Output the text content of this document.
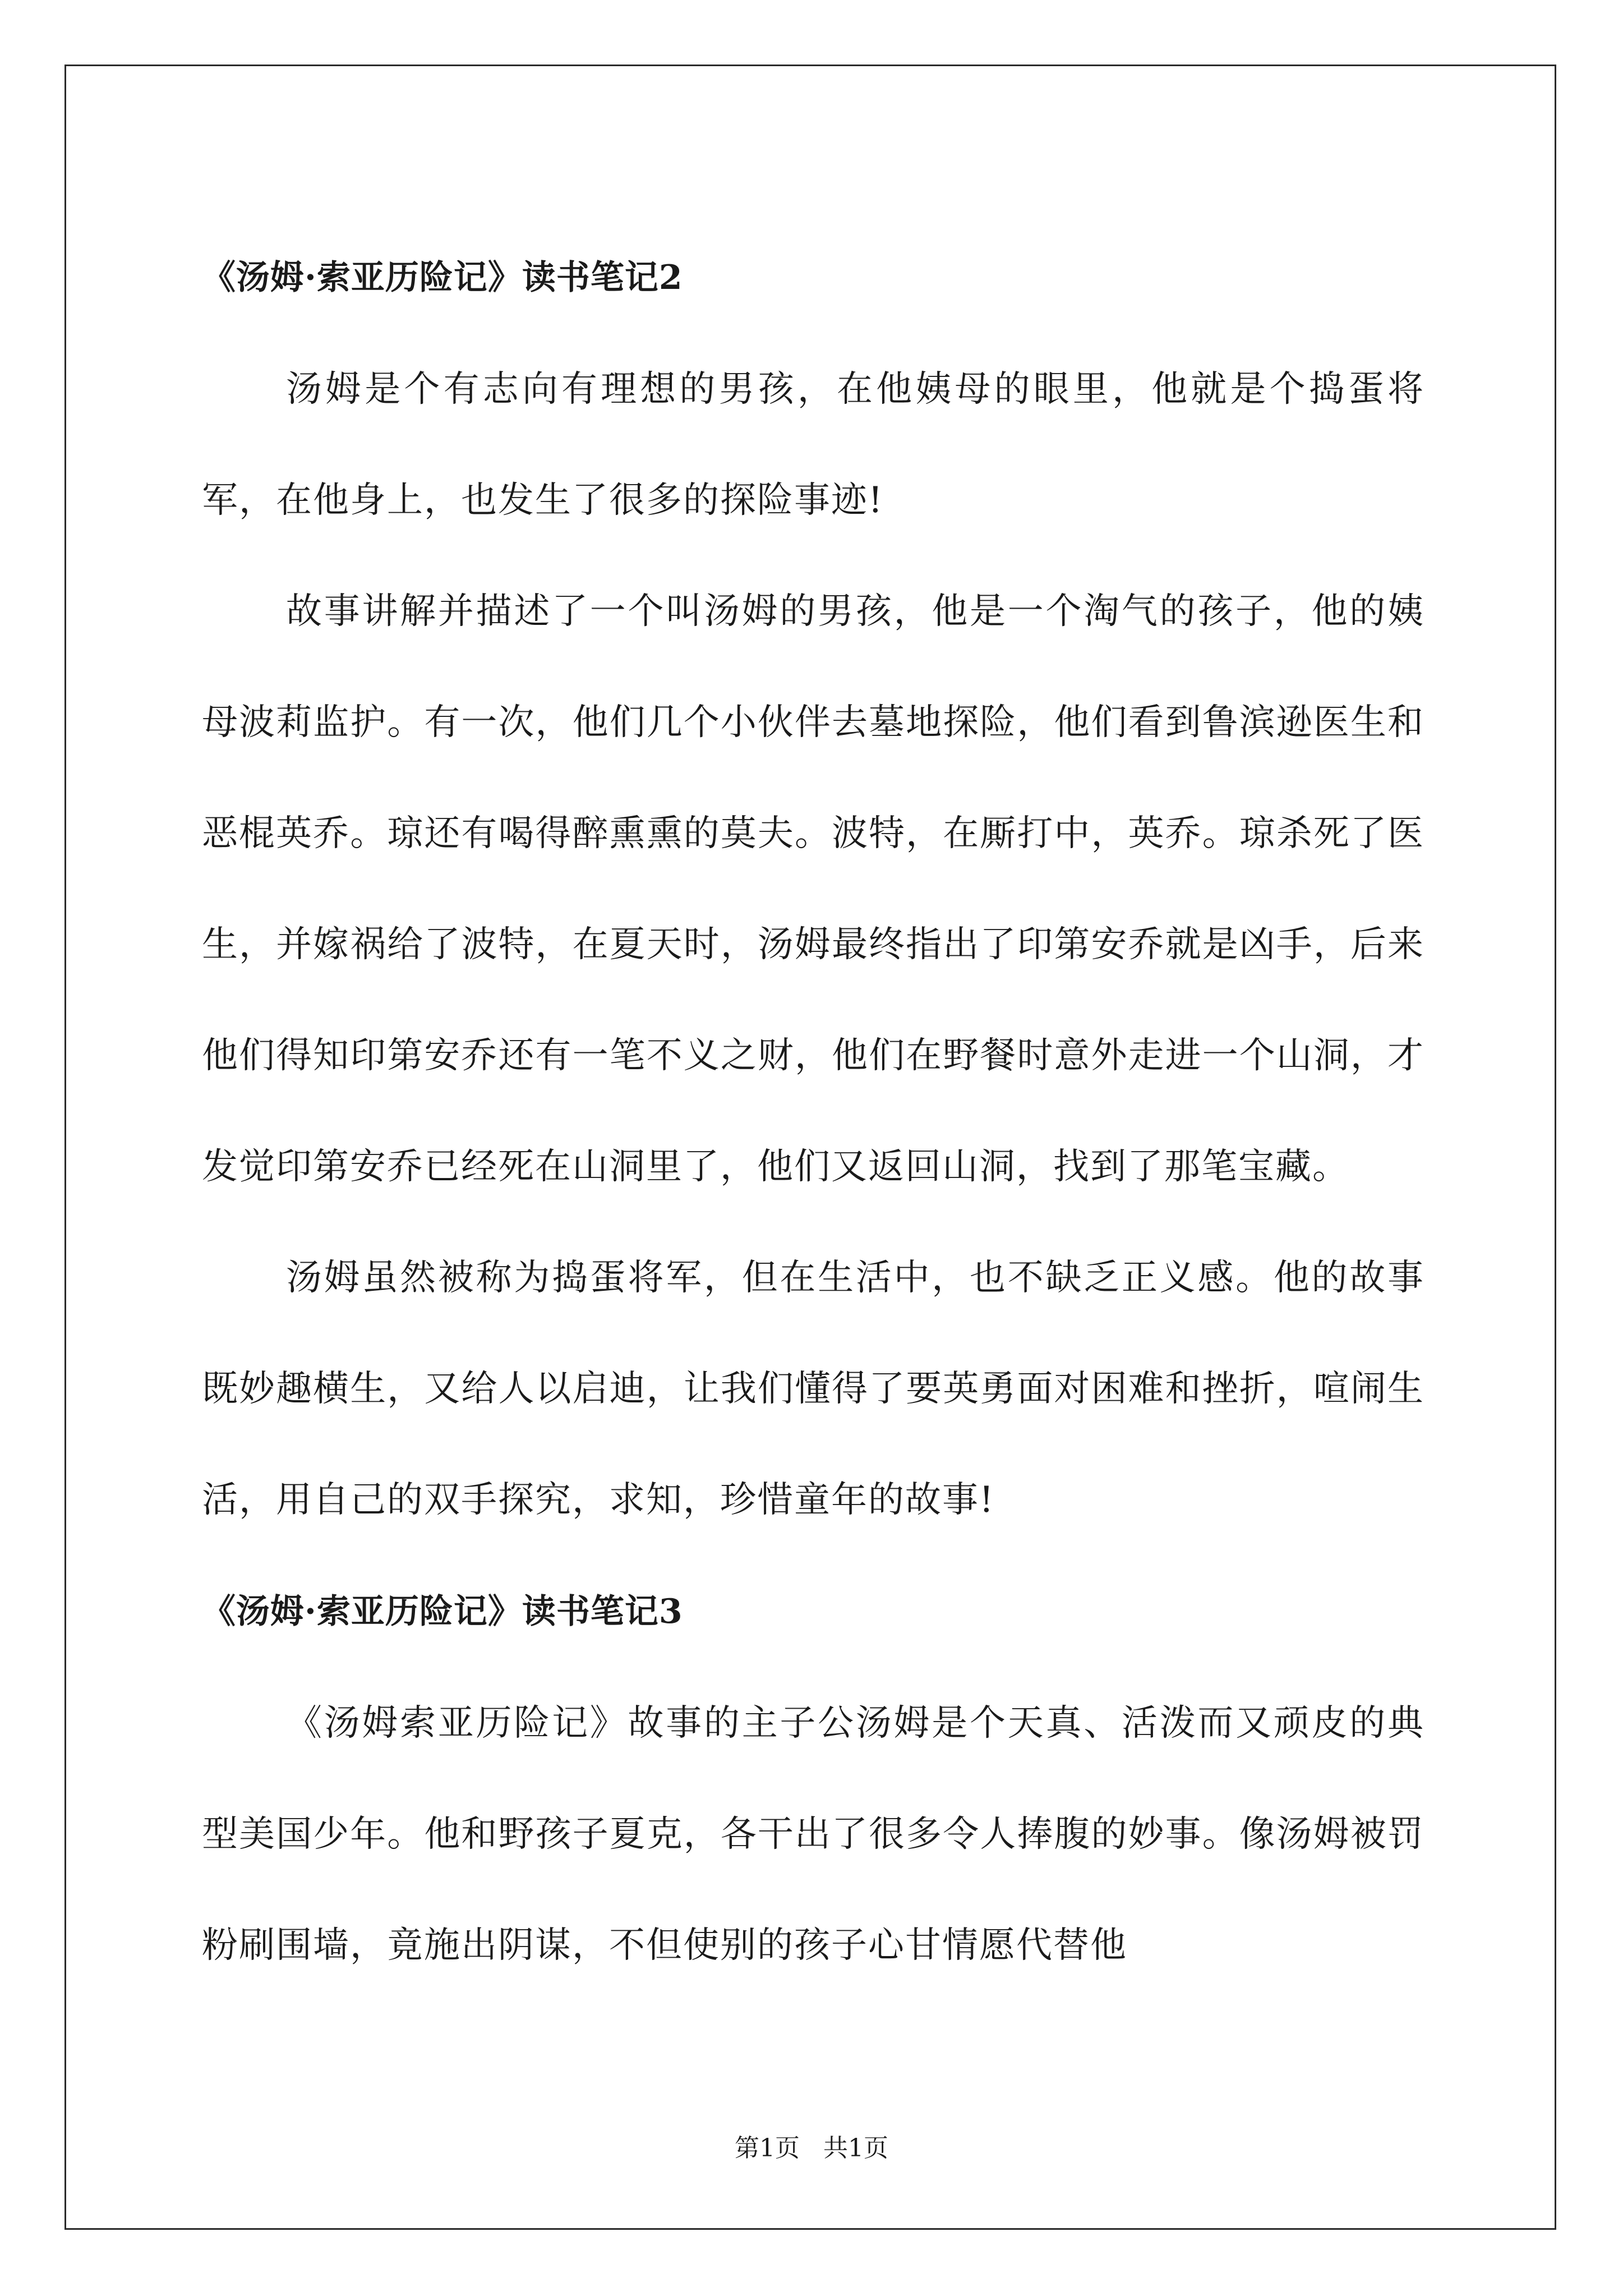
《汤姆·索亚历险记》读书笔记2

汤姆是个有志向有理想的男孩，在他姨母的眼里，他就是个捣蛋将军，在他身上，也发生了很多的探险事迹!

故事讲解并描述了一个叫汤姆的男孩，他是一个淘气的孩子，他的姨母波莉监护。有一次，他们几个小伙伴去墓地探险，他们看到鲁滨逊医生和恶棍英乔。琼还有喝得醉熏熏的莫夫。波特，在厮打中，英乔。琼杀死了医生，并嫁祸给了波特，在夏天时，汤姆最终指出了印第安乔就是凶手，后来他们得知印第安乔还有一笔不义之财，他们在野餐时意外走进一个山洞，才发觉印第安乔已经死在山洞里了，他们又返回山洞，找到了那笔宝藏。

汤姆虽然被称为捣蛋将军，但在生活中，也不缺乏正义感。他的故事既妙趣横生，又给人以启迪，让我们懂得了要英勇面对困难和挫折，喧闹生活，用自己的双手探究，求知，珍惜童年的故事!

《汤姆·索亚历险记》读书笔记3

《汤姆索亚历险记》故事的主子公汤姆是个天真、活泼而又顽皮的典型美国少年。他和野孩子夏克，各干出了很多令人捧腹的妙事。像汤姆被罚粉刷围墙，竟施出阴谋，不但使别的孩子心甘情愿代替他

第1页   共1页
